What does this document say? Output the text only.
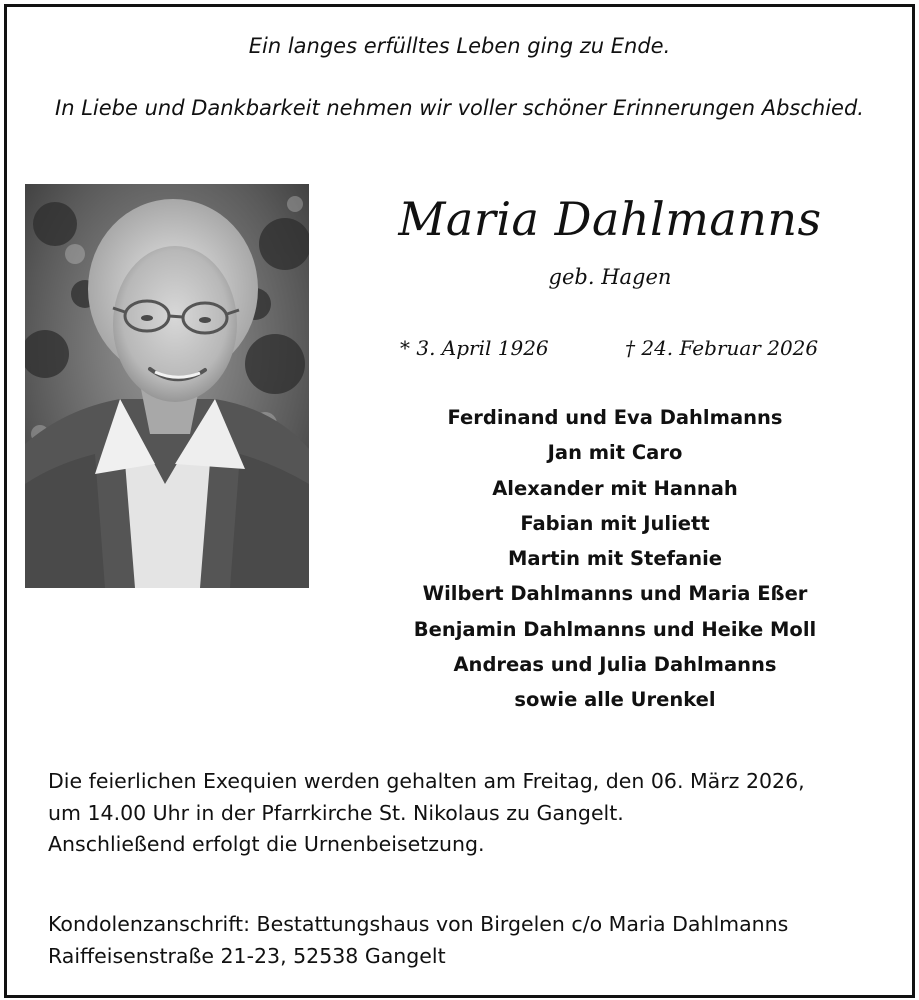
Ein langes erfülltes Leben ging zu Ende.
In Liebe und Dankbarkeit nehmen wir voller schöner Erinnerungen Abschied.
Maria Dahlmanns
geb. Hagen
* 3. April 1926	† 24. Februar 2026
Ferdinand und Eva Dahlmanns
Jan mit Caro
Alexander mit Hannah
Fabian mit Juliett
Martin mit Stefanie
Wilbert Dahlmanns und Maria Eßer
Benjamin Dahlmanns und Heike Moll
Andreas und Julia Dahlmanns
sowie alle Urenkel
Die feierlichen Exequien werden gehalten am Freitag, den 06. März 2026,
um 14.00 Uhr in der Pfarrkirche St. Nikolaus zu Gangelt.
Anschließend erfolgt die Urnenbeisetzung.
Kondolenzanschrift: Bestattungshaus von Birgelen c/o Maria Dahlmanns
Raiffeisenstraße 21-23, 52538 Gangelt
